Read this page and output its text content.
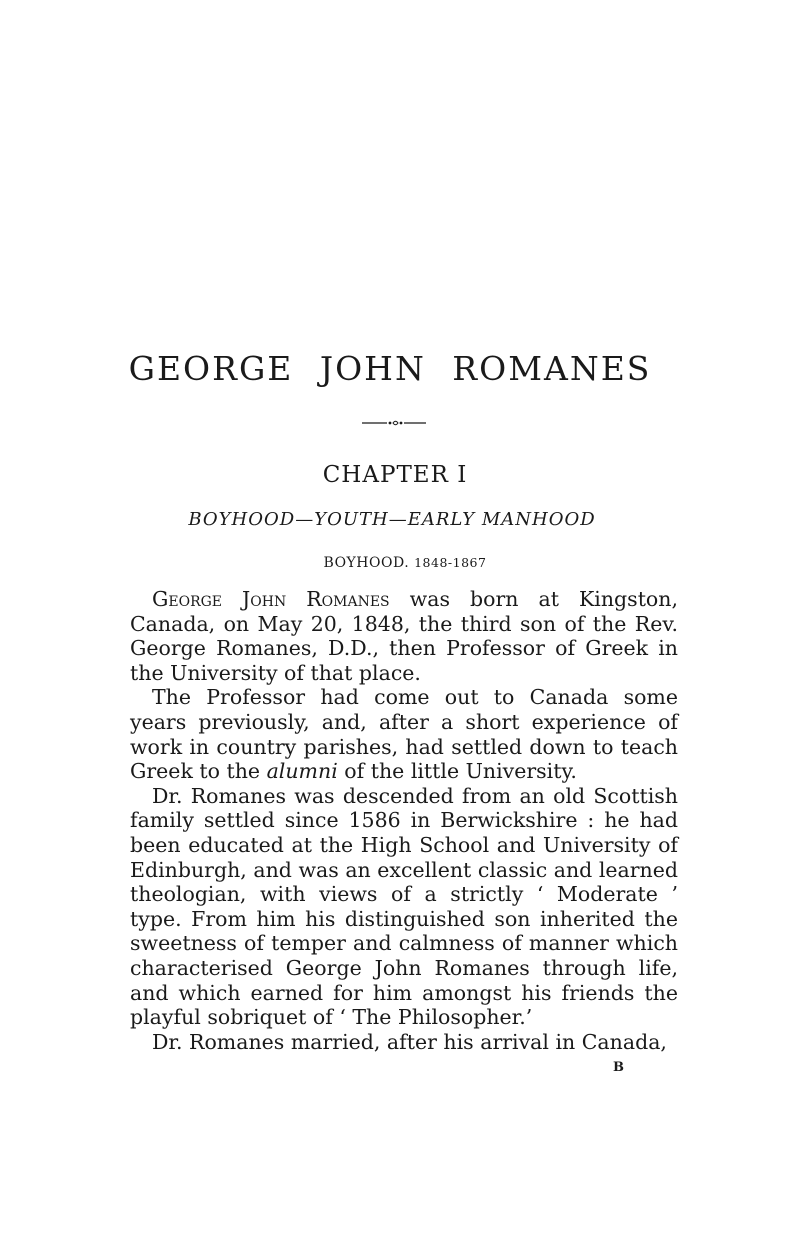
GEORGE JOHN ROMANES
CHAPTER I

BOYHOOD—YOUTH—EARLY MANHOOD

BOYHOOD. 1848-1867

George John Romanes was born at Kingston, Canada, on May 20, 1848, the third son of the Rev. George Romanes, D.D., then Professor of Greek in the University of that place.

The Professor had come out to Canada some years previously, and, after a short experience of work in country parishes, had settled down to teach Greek to the alumni of the little University.

Dr. Romanes was descended from an old Scottish family settled since 1586 in Berwickshire : he had been educated at the High School and University of Edinburgh, and was an excellent classic and learned theologian, with views of a strictly ‘ Moderate ’ type. From him his distinguished son inherited the sweetness of temper and calmness of manner which characterised George John Romanes through life, and which earned for him amongst his friends the playful sobriquet of ‘ The Philosopher.’

Dr. Romanes married, after his arrival in Canada,

B
